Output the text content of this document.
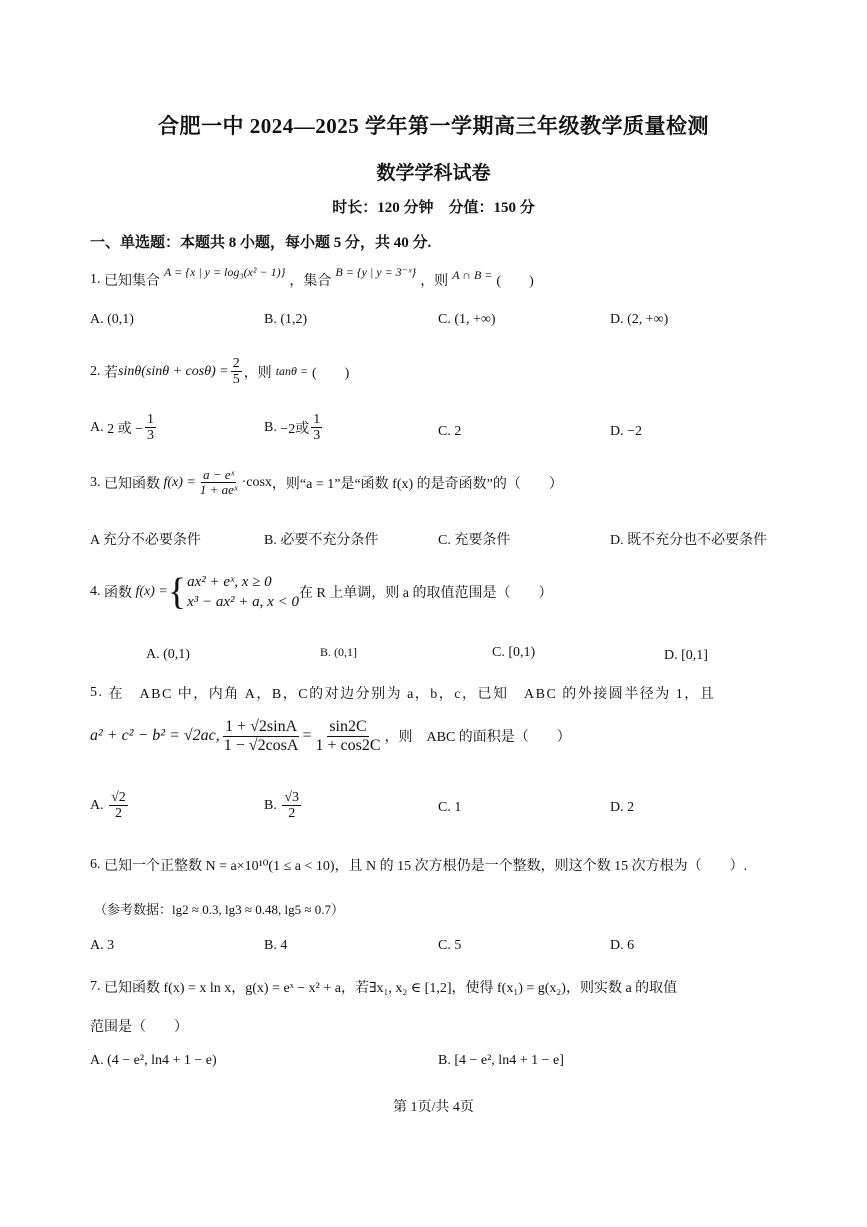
合肥一中 2024—2025 学年第一学期高三年级教学质量检测
数学学科试卷
时长：120 分钟　分值：150 分
一、单选题：本题共 8 小题，每小题 5 分，共 40 分.
1.
已知集合
A = {x | y = log₃(x² − 1)}
，集合
B = {y | y = 3⁻ˣ}
，则 A ∩ B = (　　)
A. (0,1)	B. (1,2)	C. (1, +∞)	D. (2, +∞)
2.
若 $\sin\theta(\sin\theta + \cos\theta) = \frac{2}{5}$ ，则 tanθ = (　　)
A.
2 或 − $\frac{1}{3}$	B.
−2或 $\frac{1}{3}$	C. 2	D. −2
3.
已知函数
$f(x) = \frac{\text{a − eˣ}}{\text{1 + aeˣ}} \cdot\cos x$ ，则“a = 1”是“函数 f(x) 的是奇函数”的（　　）
A 充分不必要条件	B. 必要不充分条件	C. 充要条件	D. 既不充分也不必要条件
4.
函数
f(x) = { ax² + eˣ, x ≥ 0
x³ − ax² + a, x < 0
在 R 上单调，则 a 的取值范围是（　　）
A. (0,1)	B. (0,1]	C. [0,1)	D. [0,1]
5.
在　ABC 中，内角 A，B，C的对边分别为 a，b，c，已知　ABC 的外接圆半径为 1，且
a² + c² − b² = √2ac, $\frac{1 + √2\sin A}{1 - √2\cos A} = \frac{\sin 2C}{1 + \cos 2C}$ ，则　ABC 的面积是（　　）
A.
$\frac{√2}{2}$	B.
$\frac{√3}{2}$	C. 1	D. 2
6.
已知一个正整数 N = a×10¹⁰(1 ≤ a < 10)，且 N 的 15 次方根仍是一个整数，则这个数 15 次方根为（　　）.
（参考数据：lg2 ≈ 0.3, lg3 ≈ 0.48, lg5 ≈ 0.7）
A. 3	B. 4	C. 5	D. 6
7.
已知函数 f(x) = x ln x，g(x) = eˣ − x² + a，若∃x₁, x₂ ∈ [1,2]，使得 f(x₁) = g(x₂)，则实数 a 的取值
范围是（　　）
A. (4 − e², ln4 + 1 − e)	B. [4 − e², ln4 + 1 − e]
第 1页/共 4页
